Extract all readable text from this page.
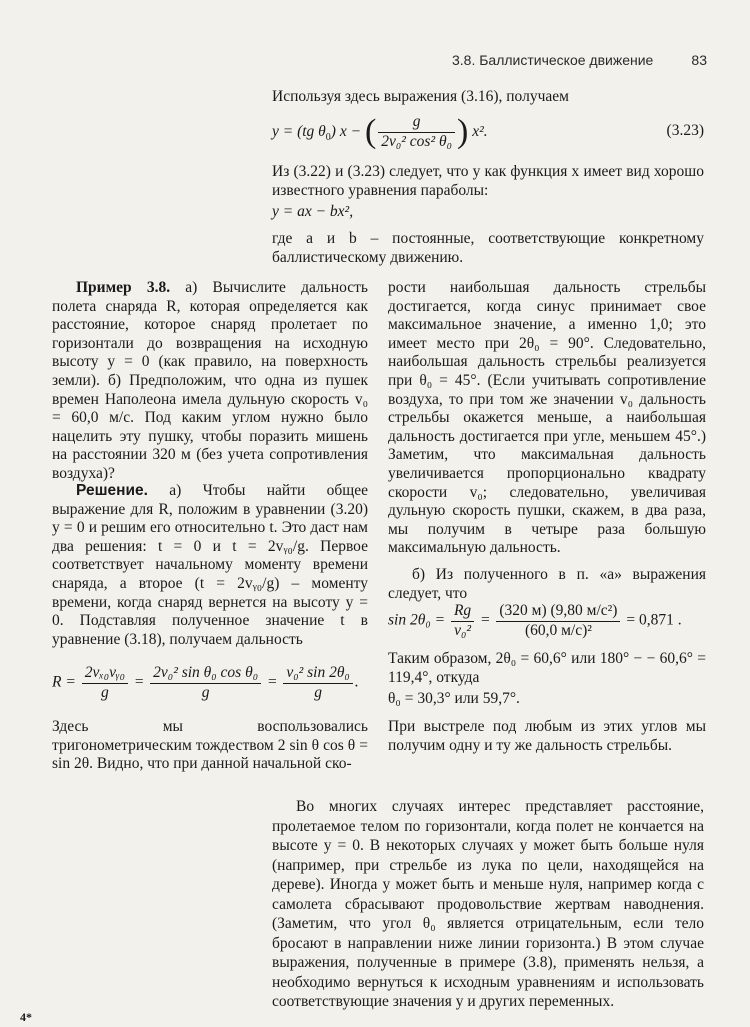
3.8. Баллистическое движение	83

Используя здесь выражения (3.16), получаем

y = (tg $\theta_0$) x − ( $\frac{g}{\text{2v₀² cos² θ₀}}$ ) x².	(3.23)

Из (3.22) и (3.23) следует, что y как функция x имеет вид хорошо известного уравнения параболы:

y = ax − bx²,

где a и b – постоянные, соответствующие конкретному баллистическому движению.

Пример 3.8. а) Вычислите дальность полета снаряда R, которая определяется как расстояние, которое снаряд пролетает по горизонтали до возвращения на исходную высоту y = 0 (как правило, на поверхность земли). б) Предположим, что одна из пушек времен Наполеона имела дульную скорость v₀ = 60,0 м/с. Под каким углом нужно было нацелить эту пушку, чтобы поразить мишень на расстоянии 320 м (без учета сопротивления воздуха)?

Решение. а) Чтобы найти общее выражение для R, положим в уравнении (3.20) y = 0 и решим его относительно t. Это даст нам два решения: t = 0 и t = 2vᵧ₀/g. Первое соответствует начальному моменту времени снаряда, а второе (t = 2vᵧ₀/g) – моменту времени, когда снаряд вернется на высоту y = 0. Подставляя полученное значение t в уравнение (3.18), получаем дальность

$R = \frac{\text{2vₓ₀vᵧ₀}}{g} = \frac{\text{2v₀² sin θ₀ cos θ₀}}{g} = \frac{\text{v₀² sin 2θ₀}}{g}$ .

Здесь мы воспользовались тригонометрическим тождеством 2 sin θ cos θ = sin 2θ. Видно, что при данной начальной ско-

рости наибольшая дальность стрельбы достигается, когда синус принимает свое максимальное значение, а именно 1,0; это имеет место при 2θ₀ = 90°. Следовательно, наибольшая дальность стрельбы реализуется при θ₀ = 45°. (Если учитывать сопротивление воздуха, то при том же значении v₀ дальность стрельбы окажется меньше, а наибольшая дальность достигается при угле, меньшем 45°.) Заметим, что максимальная дальность увеличивается пропорционально квадрату скорости v₀; следовательно, увеличивая дульную скорость пушки, скажем, в два раза, мы получим в четыре раза большую максимальную дальность.

б) Из полученного в п. «а» выражения следует, что

$\sin 2\theta_0 = \frac{Rg}{\text{v₀²}} = \frac{\text{(320 м) (9,80 м/с²)}}{\text{(60,0 м/с)²}} = 0,871$ .

Таким образом, 2θ₀ = 60,6° или 180° − − 60,6° = 119,4°, откуда

θ₀ = 30,3° или 59,7°.

При выстреле под любым из этих углов мы получим одну и ту же дальность стрельбы.

Во многих случаях интерес представляет расстояние, пролетаемое телом по горизонтали, когда полет не кончается на высоте y = 0. В некоторых случаях y может быть больше нуля (например, при стрельбе из лука по цели, находящейся на дереве). Иногда y может быть и меньше нуля, например когда с самолета сбрасывают продовольствие жертвам наводнения. (Заметим, что угол θ₀ является отрицательным, если тело бросают в направлении ниже линии горизонта.) В этом случае выражения, полученные в примере (3.8), применять нельзя, а необходимо вернуться к исходным уравнениям и использовать соответствующие значения y и других переменных.

4*
